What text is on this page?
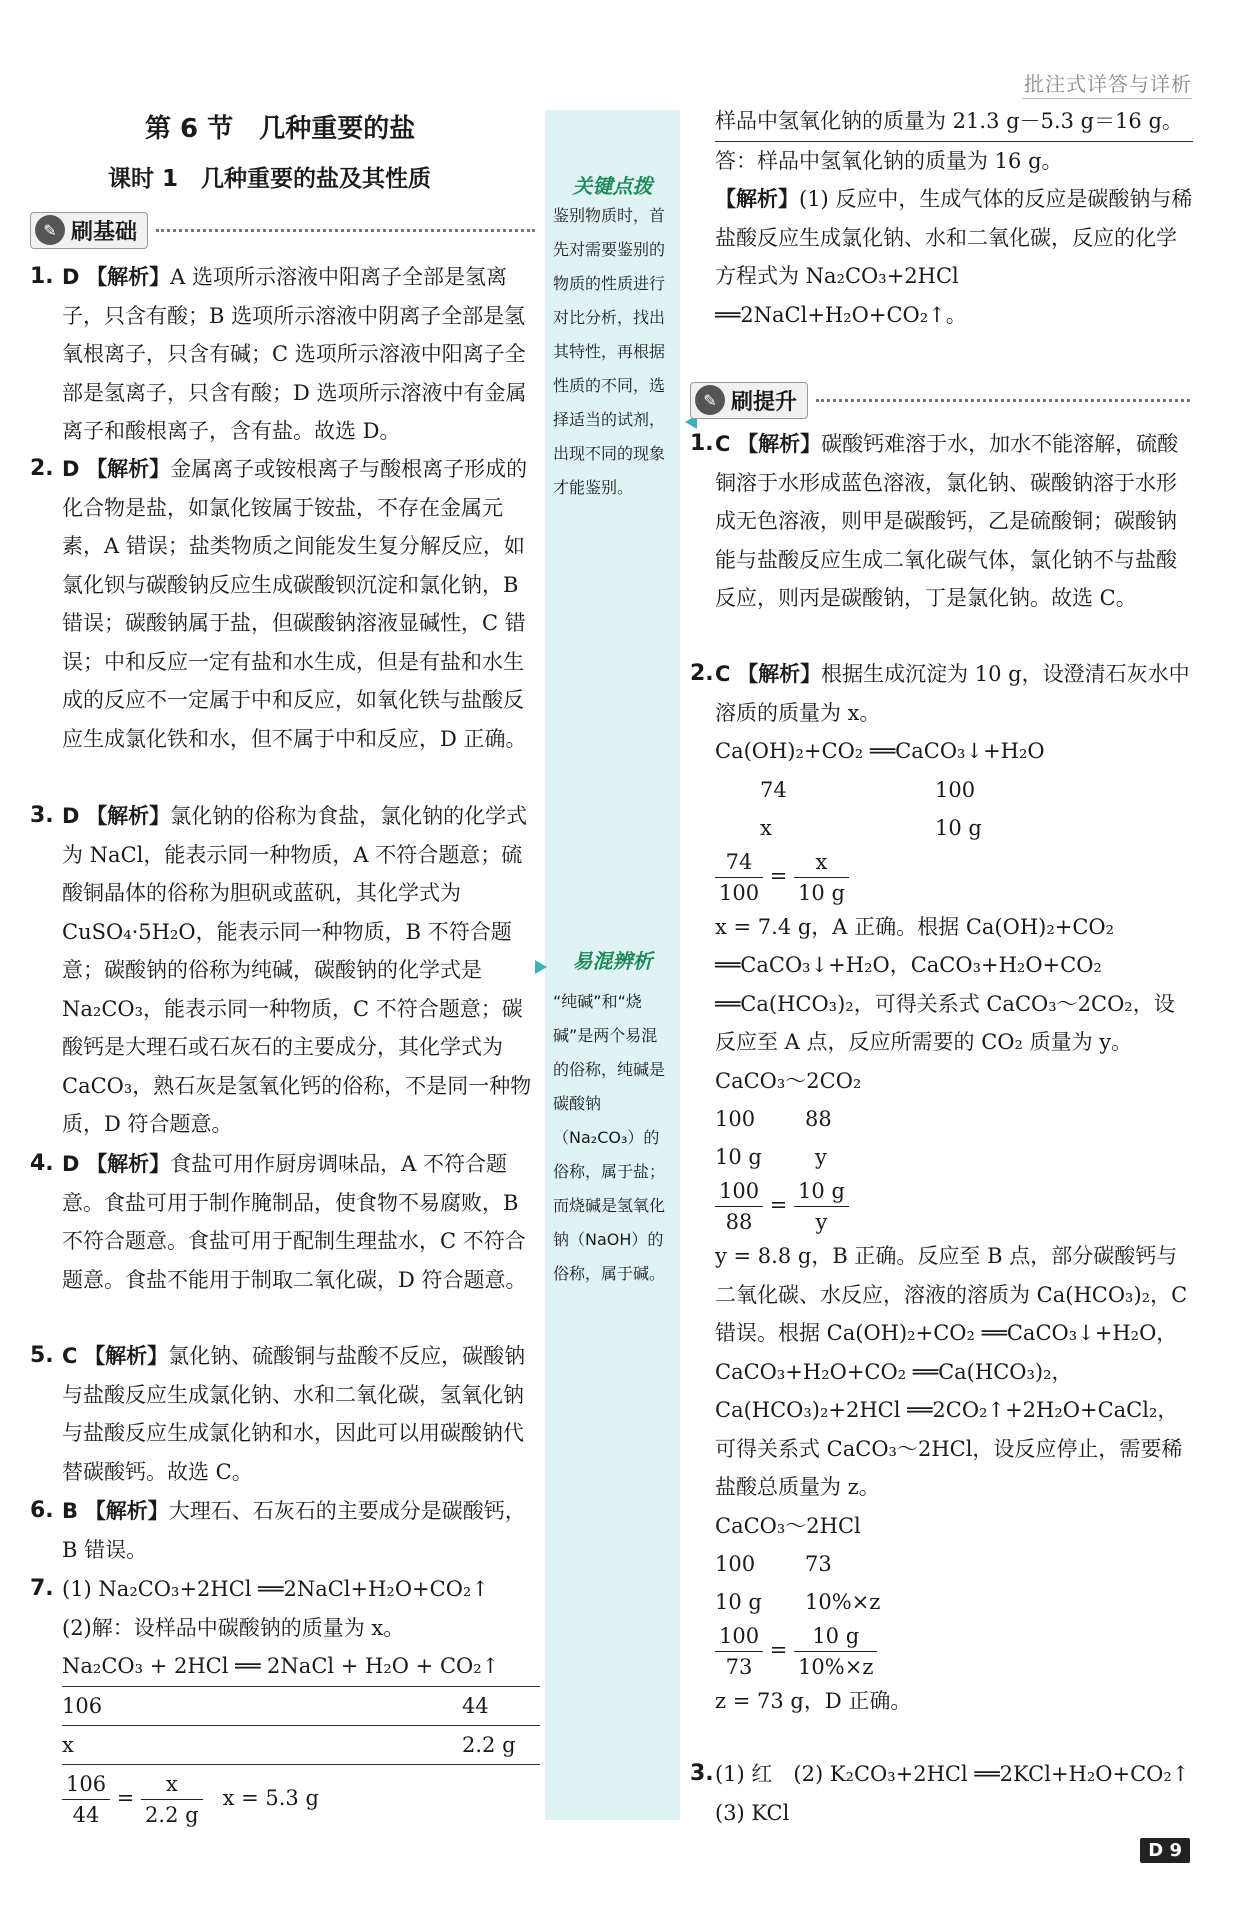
批注式详答与详析
第 6 节　几种重要的盐
课时 1　几种重要的盐及其性质
✎ 刷基础
1. D 【解析】A 选项所示溶液中阳离子全部是氢离子，只含有酸；B 选项所示溶液中阴离子全部是氢氧根离子，只含有碱；C 选项所示溶液中阳离子全部是氢离子，只含有酸；D 选项所示溶液中有金属离子和酸根离子，含有盐。故选 D。
2. D 【解析】金属离子或铵根离子与酸根离子形成的化合物是盐，如氯化铵属于铵盐，不存在金属元素，A 错误；盐类物质之间能发生复分解反应，如氯化钡与碳酸钠反应生成碳酸钡沉淀和氯化钠，B 错误；碳酸钠属于盐，但碳酸钠溶液显碱性，C 错误；中和反应一定有盐和水生成，但是有盐和水生成的反应不一定属于中和反应，如氧化铁与盐酸反应生成氯化铁和水，但不属于中和反应，D 正确。
3. D 【解析】氯化钠的俗称为食盐，氯化钠的化学式为 NaCl，能表示同一种物质，A 不符合题意；硫酸铜晶体的俗称为胆矾或蓝矾，其化学式为 CuSO₄·5H₂O，能表示同一种物质，B 不符合题意；碳酸钠的俗称为纯碱，碳酸钠的化学式是 Na₂CO₃，能表示同一种物质，C 不符合题意；碳酸钙是大理石或石灰石的主要成分，其化学式为 CaCO₃，熟石灰是氢氧化钙的俗称，不是同一种物质，D 符合题意。
4. D 【解析】食盐可用作厨房调味品，A 不符合题意。食盐可用于制作腌制品，使食物不易腐败，B 不符合题意。食盐可用于配制生理盐水，C 不符合题意。食盐不能用于制取二氧化碳，D 符合题意。
5. C 【解析】氯化钠、硫酸铜与盐酸不反应，碳酸钠与盐酸反应生成氯化钠、水和二氧化碳，氢氧化钠与盐酸反应生成氯化钠和水，因此可以用碳酸钠代替碳酸钙。故选 C。
6. B 【解析】大理石、石灰石的主要成分是碳酸钙，B 错误。
7. (1) Na₂CO₃+2HCl ══2NaCl+H₂O+CO₂↑
(2)解：设样品中碳酸钠的质量为 x。
Na₂CO₃ + 2HCl ══ 2NaCl + H₂O + CO₂↑
106	44
x	2.2 g
$\frac{106}{44} = \frac{x}{2.2 g}$ x = 5.3 g
关键点拨
鉴别物质时，首先对需要鉴别的物质的性质进行对比分析，找出其特性，再根据性质的不同，选择适当的试剂，出现不同的现象才能鉴别。
易混辨析
“纯碱”和“烧碱”是两个易混的俗称，纯碱是碳酸钠（Na₂CO₃）的俗称，属于盐；而烧碱是氢氧化钠（NaOH）的俗称，属于碱。
样品中氢氧化钠的质量为 21.3 g－5.3 g＝16 g。
答：样品中氢氧化钠的质量为 16 g。
【解析】(1) 反应中，生成气体的反应是碳酸钠与稀盐酸反应生成氯化钠、水和二氧化碳，反应的化学方程式为 Na₂CO₃+2HCl ══2NaCl+H₂O+CO₂↑。
✎ 刷提升
1. C 【解析】碳酸钙难溶于水，加水不能溶解，硫酸铜溶于水形成蓝色溶液，氯化钠、碳酸钠溶于水形成无色溶液，则甲是碳酸钙，乙是硫酸铜；碳酸钠能与盐酸反应生成二氧化碳气体，氯化钠不与盐酸反应，则丙是碳酸钠，丁是氯化钠。故选 C。
2. C 【解析】根据生成沉淀为 10 g，设澄清石灰水中溶质的质量为 x。
Ca(OH)₂+CO₂ ══CaCO₃↓+H₂O
74	100
x	10 g
$\frac{74}{100} = \frac{x}{10 g}$
x = 7.4 g，A 正确。根据 Ca(OH)₂+CO₂ ══CaCO₃↓+H₂O，CaCO₃+H₂O+CO₂ ══Ca(HCO₃)₂，可得关系式 CaCO₃～2CO₂，设反应至 A 点，反应所需要的 CO₂ 质量为 y。
CaCO₃～2CO₂
100 88
10 g	y
$\frac{100}{88} = \frac{10 g}{y}$
y = 8.8 g，B 正确。反应至 B 点，部分碳酸钙与二氧化碳、水反应，溶液的溶质为 Ca(HCO₃)₂，C 错误。根据 Ca(OH)₂+CO₂ ══CaCO₃↓+H₂O，CaCO₃+H₂O+CO₂ ══Ca(HCO₃)₂，Ca(HCO₃)₂+2HCl ══2CO₂↑+2H₂O+CaCl₂，可得关系式 CaCO₃～2HCl，设反应停止，需要稀盐酸总质量为 z。
CaCO₃～2HCl
100 73
10 g 10%×z
$\frac{100}{73} = \frac{10 g}{10\%\times z}$
z = 73 g，D 正确。
3. (1) 红　(2) K₂CO₃+2HCl ══2KCl+H₂O+CO₂↑　(3) KCl
D 9
